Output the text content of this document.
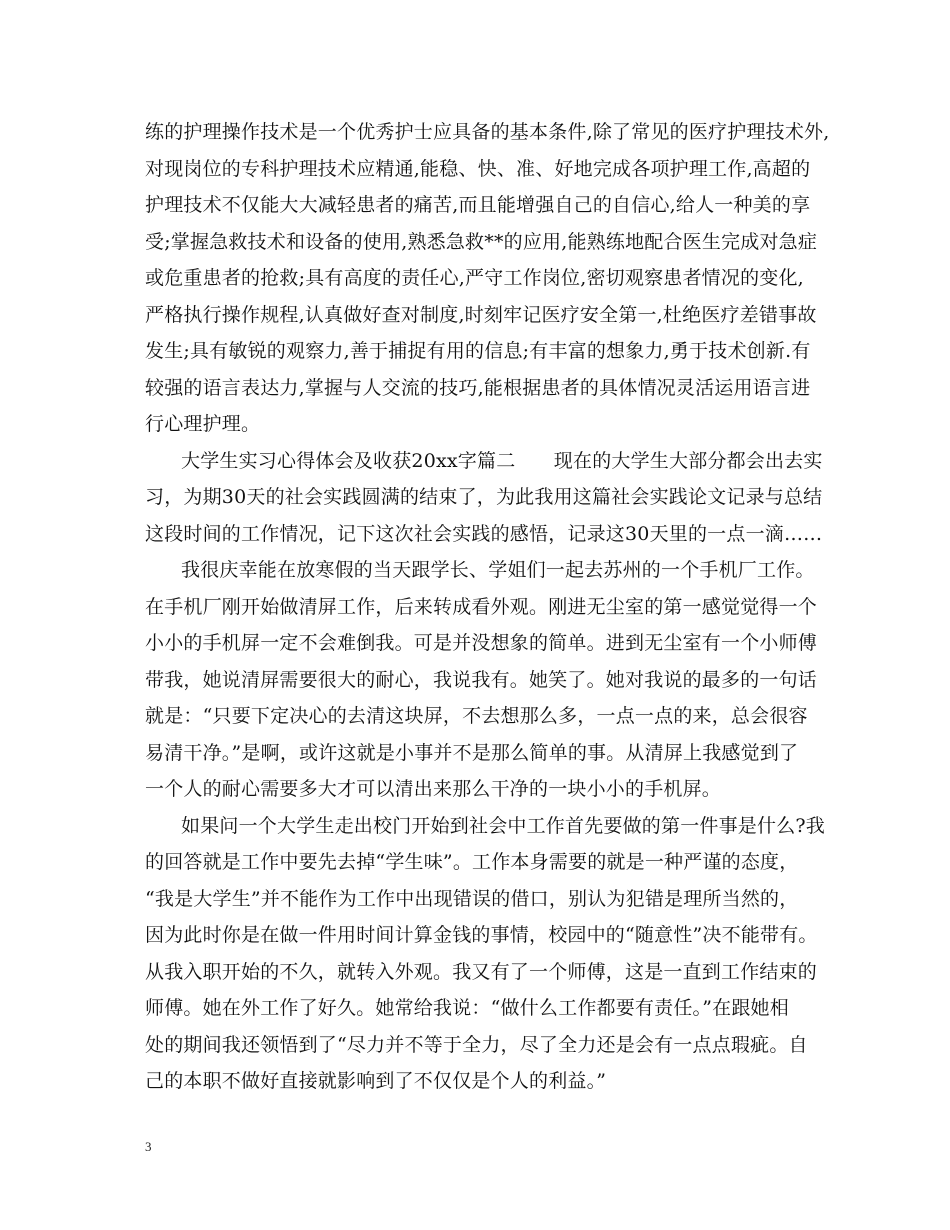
练的护理操作技术是一个优秀护士应具备的基本条件,除了常见的医疗护理技术外,
对现岗位的专科护理技术应精通,能稳、快、准、好地完成各项护理工作,高超的
护理技术不仅能大大减轻患者的痛苦,而且能增强自己的自信心,给人一种美的享
受;掌握急救技术和设备的使用,熟悉急救**的应用,能熟练地配合医生完成对急症
或危重患者的抢救;具有高度的责任心,严守工作岗位,密切观察患者情况的变化,
严格执行操作规程,认真做好查对制度,时刻牢记医疗安全第一,杜绝医疗差错事故
发生;具有敏锐的观察力,善于捕捉有用的信息;有丰富的想象力,勇于技术创新.有
较强的语言表达力,掌握与人交流的技巧,能根据患者的具体情况灵活运用语言进
行心理护理。
大学生实习心得体会及收获20xx字篇二　　现在的大学生大部分都会出去实
习，为期30天的社会实践圆满的结束了，为此我用这篇社会实践论文记录与总结
这段时间的工作情况，记下这次社会实践的感悟，记录这30天里的一点一滴……
我很庆幸能在放寒假的当天跟学长、学姐们一起去苏州的一个手机厂工作。
在手机厂刚开始做清屏工作，后来转成看外观。刚进无尘室的第一感觉觉得一个
小小的手机屏一定不会难倒我。可是并没想象的简单。进到无尘室有一个小师傅
带我，她说清屏需要很大的耐心，我说我有。她笑了。她对我说的最多的一句话
就是：“只要下定决心的去清这块屏，不去想那么多，一点一点的来，总会很容
易清干净。”是啊，或许这就是小事并不是那么简单的事。从清屏上我感觉到了
一个人的耐心需要多大才可以清出来那么干净的一块小小的手机屏。
如果问一个大学生走出校门开始到社会中工作首先要做的第一件事是什么?我
的回答就是工作中要先去掉“学生味”。工作本身需要的就是一种严谨的态度，
“我是大学生”并不能作为工作中出现错误的借口，别认为犯错是理所当然的，
因为此时你是在做一件用时间计算金钱的事情，校园中的“随意性”决不能带有。
从我入职开始的不久，就转入外观。我又有了一个师傅，这是一直到工作结束的
师傅。她在外工作了好久。她常给我说：“做什么工作都要有责任。”在跟她相
处的期间我还领悟到了“尽力并不等于全力，尽了全力还是会有一点点瑕疵。自
己的本职不做好直接就影响到了不仅仅是个人的利益。”
3
